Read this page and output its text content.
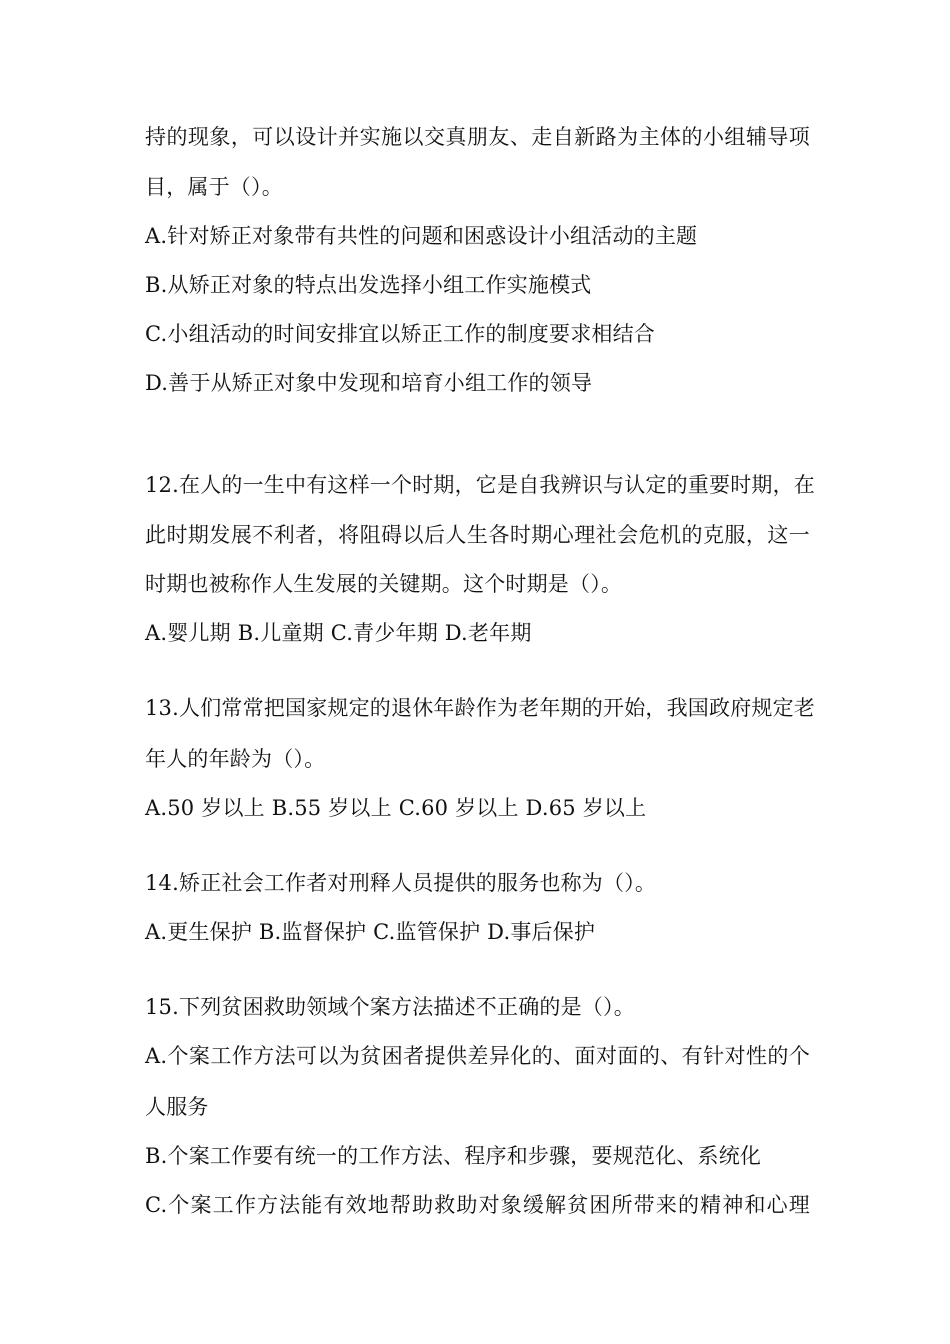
持的现象，可以设计并实施以交真朋友、走自新路为主体的小组辅导项
目，属于（）。
A.针对矫正对象带有共性的问题和困惑设计小组活动的主题
B.从矫正对象的特点出发选择小组工作实施模式
C.小组活动的时间安排宜以矫正工作的制度要求相结合
D.善于从矫正对象中发现和培育小组工作的领导
12.在人的一生中有这样一个时期，它是自我辨识与认定的重要时期，在
此时期发展不利者，将阻碍以后人生各时期心理社会危机的克服，这一
时期也被称作人生发展的关键期。这个时期是（）。
A.婴儿期 B.儿童期 C.青少年期 D.老年期
13.人们常常把国家规定的退休年龄作为老年期的开始，我国政府规定老
年人的年龄为（）。
A.50 岁以上 B.55 岁以上 C.60 岁以上 D.65 岁以上
14.矫正社会工作者对刑释人员提供的服务也称为（）。
A.更生保护 B.监督保护 C.监管保护 D.事后保护
15.下列贫困救助领域个案方法描述不正确的是（）。
A.个案工作方法可以为贫困者提供差异化的、面对面的、有针对性的个
人服务
B.个案工作要有统一的工作方法、程序和步骤，要规范化、系统化
C.个案工作方法能有效地帮助救助对象缓解贫困所带来的精神和心理
